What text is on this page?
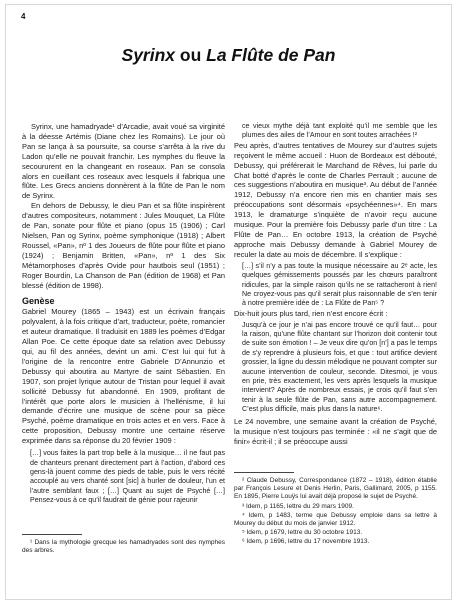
4
Syrinx ou La Flûte de Pan

Syrinx, une hamadryade¹ d’Arcadie, avait voué sa virginité à la déesse Artémis (Diane chez les Romains). Le jour où Pan se lança à sa poursuite, sa course s’arrêta à la rive du Ladon qu’elle ne pouvait franchir. Les nymphes du fleuve la secoururent en la changeant en roseaux. Pan se consola alors en cueillant ces roseaux avec lesquels il fabriqua une flûte. Les Grecs anciens donnèrent à la flûte de Pan le nom de Syrinx.

En dehors de Debussy, le dieu Pan et sa flûte inspirèrent d’autres compositeurs, notamment : Jules Mouquet, La Flûte de Pan, sonate pour flûte et piano (opus 15 (1906) ; Carl Nielsen, Pan og Syrinx, poème symphonique (1918) ; Albert Roussel, «Pan», nº 1 des Joueurs de flûte pour flûte et piano (1924) ; Benjamin Britten, «Pan», nº 1 des Six Métamorphoses d’après Ovide pour hautbois seul (1951) ; Roger Bourdin, La Chanson de Pan (édition de 1968) et Pan blessé (édition de 1998).

Genèse

Gabriel Mourey (1865 – 1943) est un écrivain français polyvalent, à la fois critique d’art, traducteur, poète, romancier et auteur dramatique. Il traduisit en 1889 les poèmes d’Edgar Allan Poe. Ce cette époque date sa relation avec Debussy qui, au fil des années, devint un ami. C’est lui qui fut à l’origine de la rencontre entre Gabriele D’Annunzio et Debussy qui aboutira au Martyre de saint Sébastien. En 1907, son projet lyrique autour de Tristan pour lequel il avait sollicité Debussy fut abandonné. En 1909, profitant de l’intérêt que porte alors le musicien à l’hellénisme, il lui demande d’écrire une musique de scène pour sa pièce Psyché, poème dramatique en trois actes et en vers. Face à cette proposition, Debussy montre une certaine réserve exprimée dans sa réponse du 20 février 1909 :

[…] vous faites la part trop belle à la musique… il ne faut pas de chanteurs prenant directement part à l’action, d’abord ces gens-là jouent comme des pieds de table, puis le vers récité accouplé au vers chanté sont [sic] à hurler de douleur, l’un et l’autre semblant faux ; […] Quant au sujet de Psyché […] Pensez-vous à ce qu’il faudrait de génie pour rajeunir

¹ Dans la mythologie grecque les hamadryades sont des nymphes des arbres.

ce vieux mythe déjà tant exploité qu’il me semble que les plumes des ailes de l’Amour en sont toutes arrachées !²

Peu après, d’autres tentatives de Mourey sur d’autres sujets reçoivent le même accueil : Huon de Bordeaux est débouté, Debussy, qui préférerait le Marchand de Rêves, lui parle du Chat botté d’après le conte de Charles Perrault ; aucune de ces suggestions n’aboutira en musique³. Au début de l’année 1912, Debussy n’a encore rien mis en chantier mais ses préoccupations sont désormais «psychéennes»⁴. En mars 1913, le dramaturge s’inquiète de n’avoir reçu aucune musique. Pour la première fois Debussy parle d’un titre : La Flûte de Pan… En octobre 1913, la création de Psyché approche mais Debussy demande à Gabriel Mourey de reculer la date au mois de décembre. Il s’explique :

[…] s’il n’y a pas toute la musique nécessaire au 2ᵉ acte, les quelques gémissements poussés par les chœurs paraîtront ridicules, par la simple raison qu’ils ne se rattacheront à rien! Ne croyez-vous pas qu’il serait plus raisonnable de s’en tenir à notre première idée de : La Flûte de Pan⁵ ?

Dix-huit jours plus tard, rien n’est encore écrit :

Jusqu’à ce jour je n’ai pas encore trouvé ce qu’il faut… pour la raison, qu’une flûte chantant sur l’horizon doit contenir tout de suite son émotion ! – Je veux dire qu’on [n’] a pas le temps de s’y reprendre à plusieurs fois, et que : tout artifice devient grossier, la ligne du dessin mélodique ne pouvant compter sur aucune intervention de couleur, seconde. Ditesmoi, je vous en prie, très exactement, les vers après lesquels la musique intervient? Après de nombreux essais, je crois qu’il faut s’en tenir à la seule flûte de Pan, sans autre accompagnement. C’est plus difficile, mais plus dans la nature⁶.

Le 24 novembre, une semaine avant la création de Psyché, la musique n’est toujours pas terminée : «il ne s’agit que de finir» écrit-il ; il se préoccupe aussi

² Claude Debussy, Correspondance (1872 – 1918), édition établie par François Lesure et Denis Herlin, Paris, Gallimard, 2005, p 1155. En 1895, Pierre Louÿs lui avait déjà proposé le sujet de Psyché.

³ Idem, p 1165, lettre du 29 mars 1909.

⁴ Idem, p 1483, terme que Debussy emploie dans sa lettre à Mourey du début du mois de janvier 1912.

⁵ Idem, p 1679, lettre du 30 octobre 1913.

⁶ Idem, p 1696, lettre du 17 novembre 1913.
